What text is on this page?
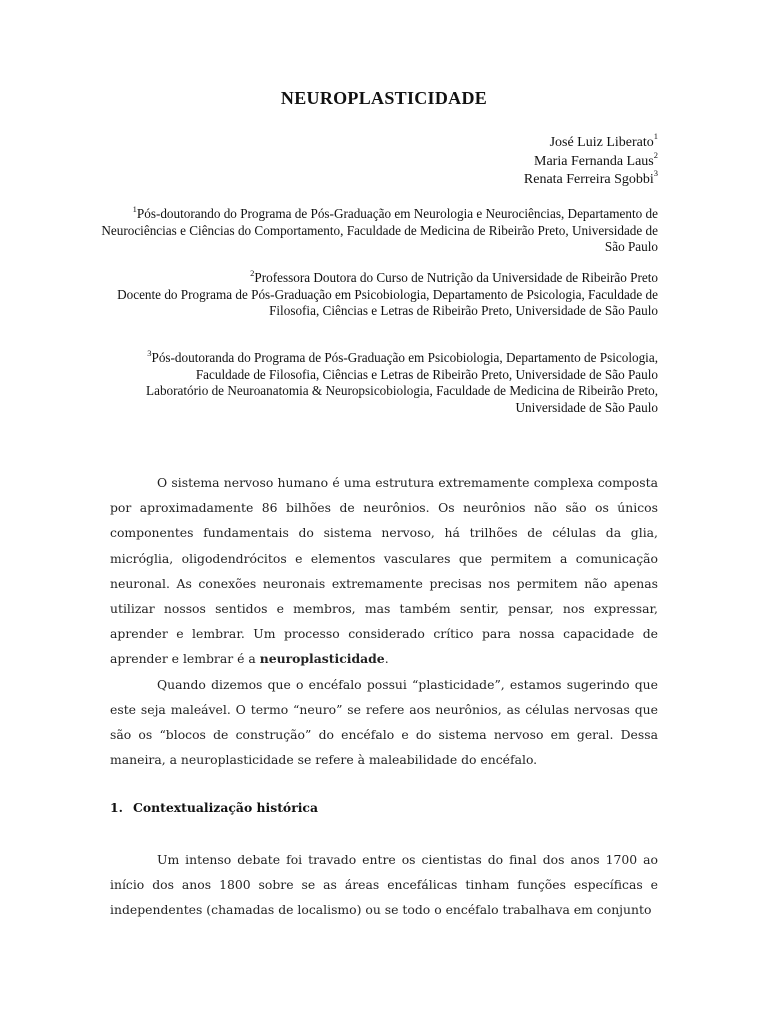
NEUROPLASTICIDADE
José Luiz Liberato$^1$
Maria Fernanda Laus$^2$
Renata Ferreira Sgobbi$^3$
$^1$Pós-doutorando do Programa de Pós-Graduação em Neurologia e Neurociências, Departamento de Neurociências e Ciências do Comportamento, Faculdade de Medicina de Ribeirão Preto, Universidade de São Paulo
$^2$Professora Doutora do Curso de Nutrição da Universidade de Ribeirão Preto
Docente do Programa de Pós-Graduação em Psicobiologia, Departamento de Psicologia, Faculdade de Filosofia, Ciências e Letras de Ribeirão Preto, Universidade de São Paulo
$^3$Pós-doutoranda do Programa de Pós-Graduação em Psicobiologia, Departamento de Psicologia, Faculdade de Filosofia, Ciências e Letras de Ribeirão Preto, Universidade de São Paulo
Laboratório de Neuroanatomia & Neuropsicobiologia, Faculdade de Medicina de Ribeirão Preto, Universidade de São Paulo

O sistema nervoso humano é uma estrutura extremamente complexa composta por aproximadamente 86 bilhões de neurônios. Os neurônios não são os únicos componentes fundamentais do sistema nervoso, há trilhões de células da glia, micróglia, oligodendrócitos e elementos vasculares que permitem a comunicação neuronal. As conexões neuronais extremamente precisas nos permitem não apenas utilizar nossos sentidos e membros, mas também sentir, pensar, nos expressar, aprender e lembrar. Um processo considerado crítico para nossa capacidade de aprender e lembrar é a neuroplasticidade.

Quando dizemos que o encéfalo possui “plasticidade”, estamos sugerindo que este seja maleável. O termo “neuro” se refere aos neurônios, as células nervosas que são os “blocos de construção” do encéfalo e do sistema nervoso em geral. Dessa maneira, a neuroplasticidade se refere à maleabilidade do encéfalo.

1. Contextualização histórica

Um intenso debate foi travado entre os cientistas do final dos anos 1700 ao início dos anos 1800 sobre se as áreas encefálicas tinham funções específicas e independentes (chamadas de localismo) ou se todo o encéfalo trabalhava em conjunto
